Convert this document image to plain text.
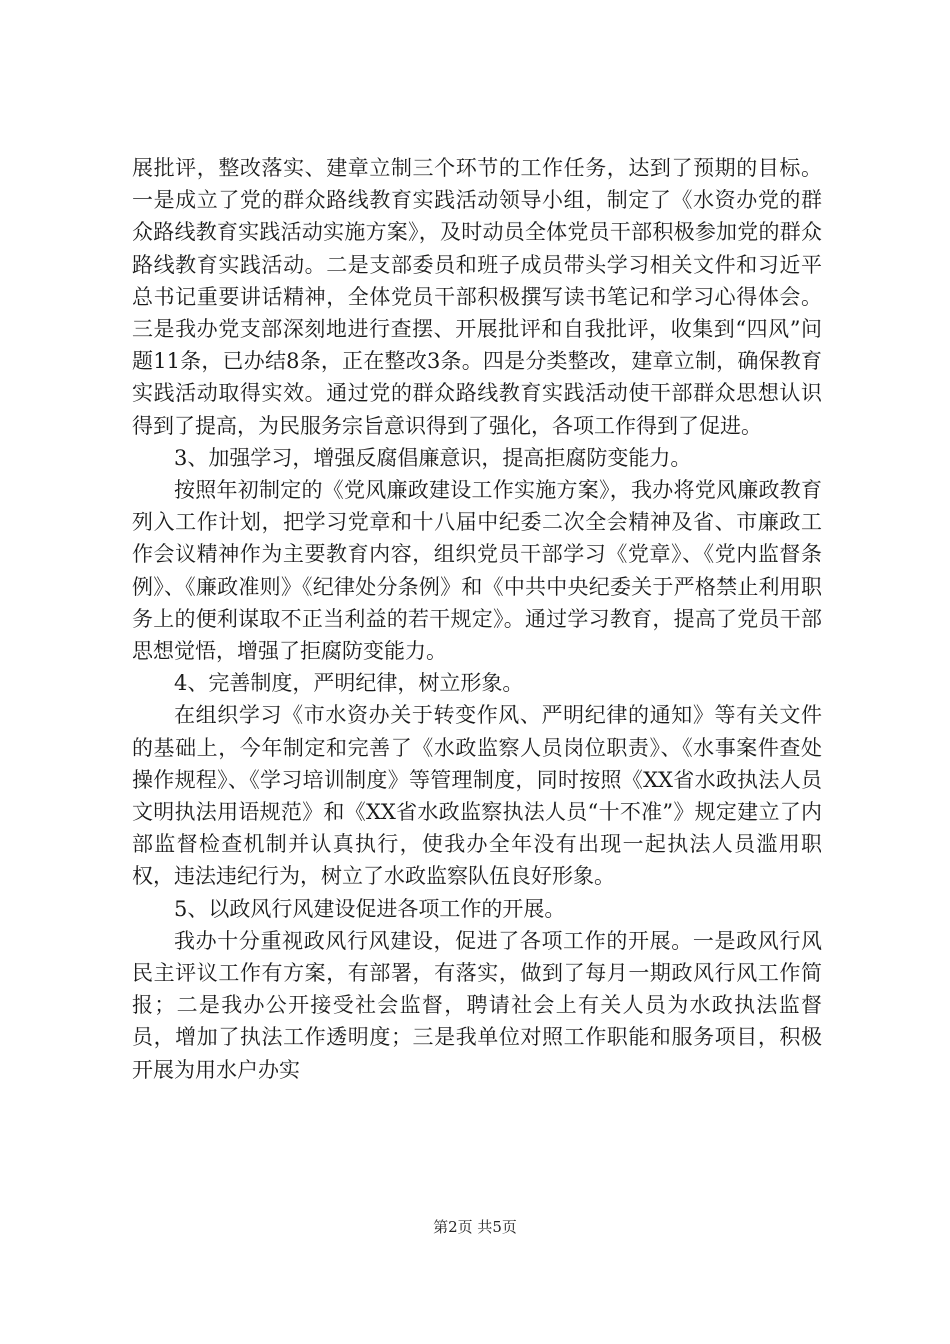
展批评，整改落实、建章立制三个环节的工作任务，达到了预期的目标。一是成立了党的群众路线教育实践活动领导小组，制定了《水资办党的群众路线教育实践活动实施方案》，及时动员全体党员干部积极参加党的群众路线教育实践活动。二是支部委员和班子成员带头学习相关文件和习近平总书记重要讲话精神，全体党员干部积极撰写读书笔记和学习心得体会。三是我办党支部深刻地进行查摆、开展批评和自我批评，收集到“四风”问题11条，已办结8条，正在整改3条。四是分类整改，建章立制，确保教育实践活动取得实效。通过党的群众路线教育实践活动使干部群众思想认识得到了提高，为民服务宗旨意识得到了强化，各项工作得到了促进。

3、加强学习，增强反腐倡廉意识，提高拒腐防变能力。

按照年初制定的《党风廉政建设工作实施方案》，我办将党风廉政教育列入工作计划，把学习党章和十八届中纪委二次全会精神及省、市廉政工作会议精神作为主要教育内容，组织党员干部学习《党章》、《党内监督条例》、《廉政准则》《纪律处分条例》和《中共中央纪委关于严格禁止利用职务上的便利谋取不正当利益的若干规定》。通过学习教育，提高了党员干部思想觉悟，增强了拒腐防变能力。

4、完善制度，严明纪律，树立形象。

在组织学习《市水资办关于转变作风、严明纪律的通知》等有关文件的基础上，今年制定和完善了《水政监察人员岗位职责》、《水事案件查处操作规程》、《学习培训制度》等管理制度，同时按照《XX省水政执法人员文明执法用语规范》和《XX省水政监察执法人员“十不准”》规定建立了内部监督检查机制并认真执行，使我办全年没有出现一起执法人员滥用职权，违法违纪行为，树立了水政监察队伍良好形象。

5、以政风行风建设促进各项工作的开展。

我办十分重视政风行风建设，促进了各项工作的开展。一是政风行风民主评议工作有方案，有部署，有落实，做到了每月一期政风行风工作简报；二是我办公开接受社会监督，聘请社会上有关人员为水政执法监督员，增加了执法工作透明度；三是我单位对照工作职能和服务项目，积极开展为用水户办实

第2页 共5页
